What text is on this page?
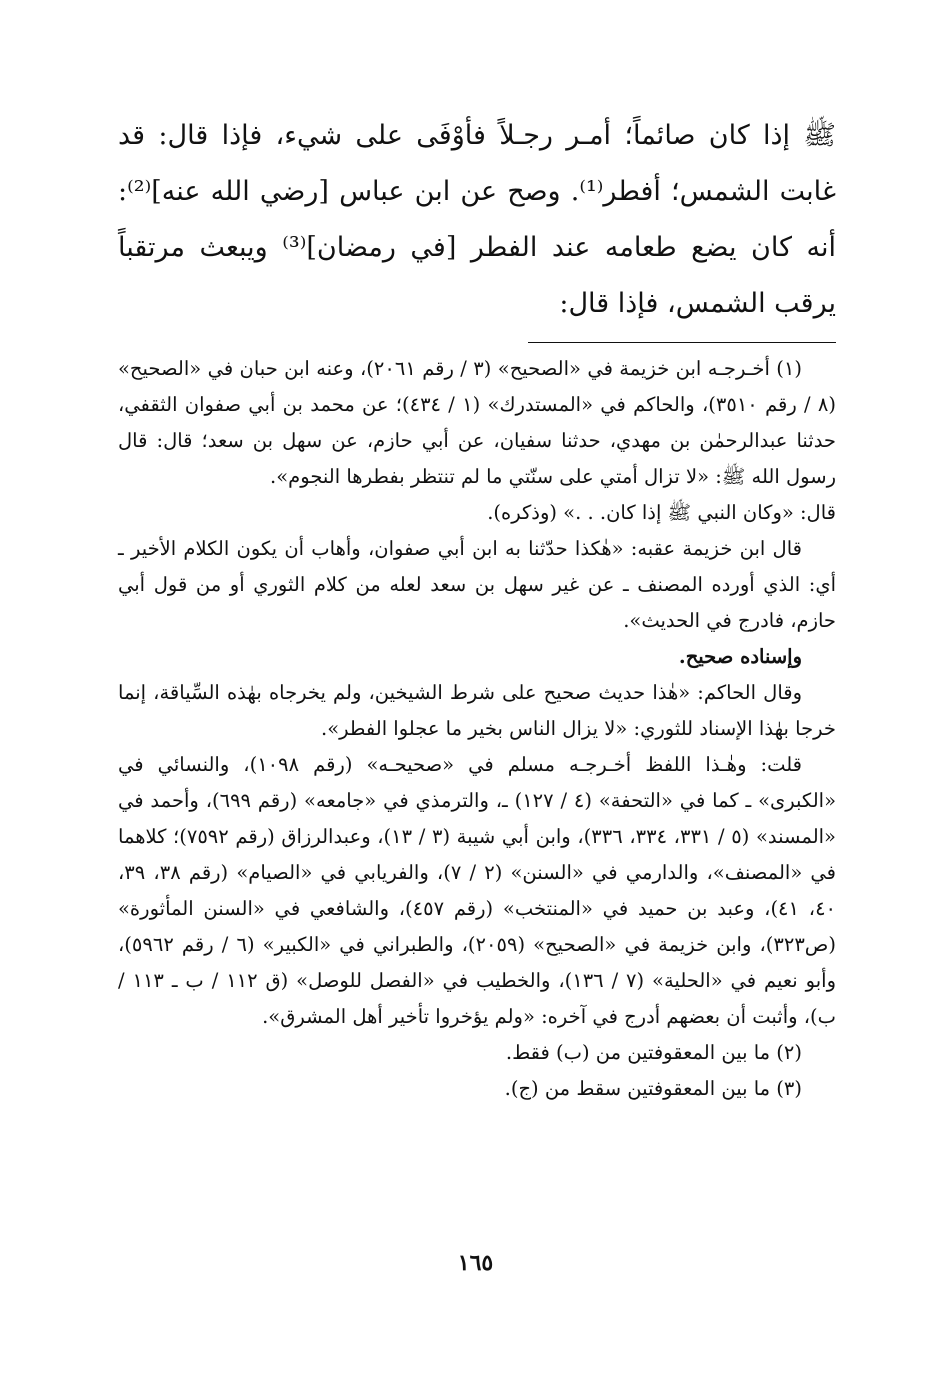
ﷺ إذا كان صائماً؛ أمـر رجـلاً فأوْفَى على شيء، فإذا قال: قد غابت الشمس؛ أفطر⁽¹⁾. وصح عن ابن عباس [رضي الله عنه]⁽²⁾: أنه كان يضع طعامه عند الفطر [في رمضان]⁽³⁾ ويبعث مرتقباً يرقب الشمس، فإذا قال:

(١) أخـرجـه ابن خزيمة في «الصحيح» (٣ / رقم ٢٠٦١)، وعنه ابن حبان في «الصحيح» (٨ / رقم ٣٥١٠)، والحاكم في «المستدرك» (١ / ٤٣٤)؛ عن محمد بن أبي صفوان الثقفي، حدثنا عبدالرحمٰن بن مهدي، حدثنا سفيان، عن أبي حازم، عن سهل بن سعد؛ قال: قال رسول الله ﷺ: «لا تزال أمتي على سنّتي ما لم تنتظر بفطرها النجوم».

قال: «وكان النبي ﷺ إذا كان. . .» (وذكره).

قال ابن خزيمة عقبه: «هٰكذا حدّثنا به ابن أبي صفوان، وأهاب أن يكون الكلام الأخير ـ أي: الذي أورده المصنف ـ عن غير سهل بن سعد لعله من كلام الثوري أو من قول أبي حازم، فادرج في الحديث».

وإسناده صحيح.

وقال الحاكم: «هٰذا حديث صحيح على شرط الشيخين، ولم يخرجاه بهٰذه السِّياقة، إنما خرجا بهٰذا الإسناد للثوري: «لا يزال الناس بخير ما عجلوا الفطر».

قلت: وهٰـذا اللفظ أخـرجـه مسلم في «صحيحـه» (رقم ١٠٩٨)، والنسائي في «الكبرى» ـ كما في «التحفة» (٤ / ١٢٧) ـ، والترمذي في «جامعه» (رقم ٦٩٩)، وأحمد في «المسند» (٥ / ٣٣١، ٣٣٤، ٣٣٦)، وابن أبي شيبة (٣ / ١٣)، وعبدالرزاق (رقم ٧٥٩٢)؛ كلاهما في «المصنف»، والدارمي في «السنن» (٢ / ٧)، والفريابي في «الصيام» (رقم ٣٨، ٣٩، ٤٠، ٤١)، وعبد بن حميد في «المنتخب» (رقم ٤٥٧)، والشافعي في «السنن المأثورة» (ص٣٢٣)، وابن خزيمة في «الصحيح» (٢٠٥٩)، والطبراني في «الكبير» (٦ / رقم ٥٩٦٢)، وأبو نعيم في «الحلية» (٧ / ١٣٦)، والخطيب في «الفصل للوصل» (ق ١١٢ / ب ـ ١١٣ / ب)، وأثبت أن بعضهم أدرج في آخره: «ولم يؤخروا تأخير أهل المشرق».

(٢) ما بين المعقوفتين من (ب) فقط.

(٣) ما بين المعقوفتين سقط من (ج).

١٦٥
